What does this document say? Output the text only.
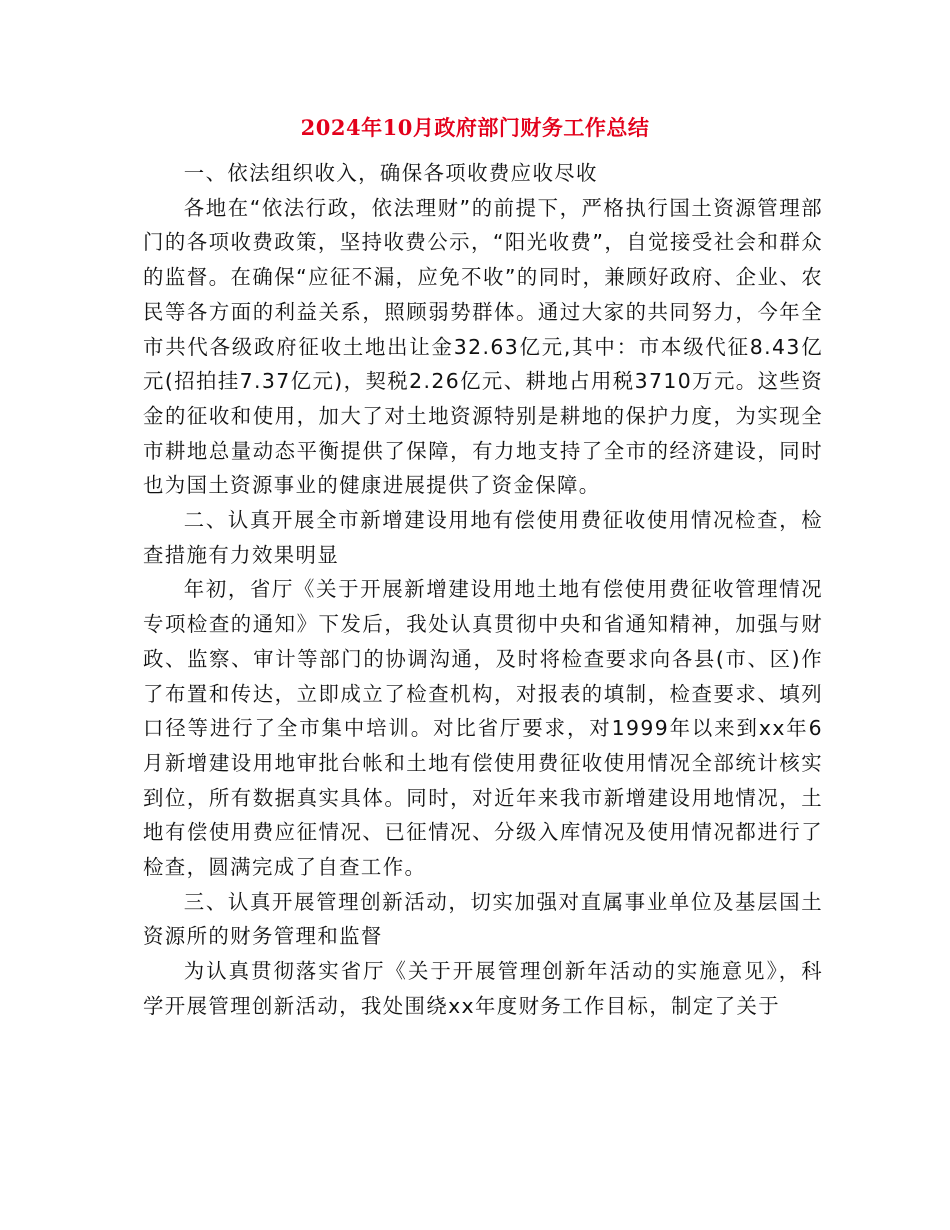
2024年10月政府部门财务工作总结

一、依法组织收入，确保各项收费应收尽收

各地在“依法行政，依法理财”的前提下，严格执行国土资源管理部门的各项收费政策，坚持收费公示，“阳光收费”，自觉接受社会和群众的监督。在确保“应征不漏，应免不收”的同时，兼顾好政府、企业、农民等各方面的利益关系，照顾弱势群体。通过大家的共同努力，今年全市共代各级政府征收土地出让金32.63亿元,其中：市本级代征8.43亿元(招拍挂7.37亿元)，契税2.26亿元、耕地占用税3710万元。这些资金的征收和使用，加大了对土地资源特别是耕地的保护力度，为实现全市耕地总量动态平衡提供了保障，有力地支持了全市的经济建设，同时也为国土资源事业的健康进展提供了资金保障。

二、认真开展全市新增建设用地有偿使用费征收使用情况检查，检查措施有力效果明显

年初，省厅《关于开展新增建设用地土地有偿使用费征收管理情况专项检查的通知》下发后，我处认真贯彻中央和省通知精神，加强与财政、监察、审计等部门的协调沟通，及时将检查要求向各县(市、区)作了布置和传达，立即成立了检查机构，对报表的填制，检查要求、填列口径等进行了全市集中培训。对比省厅要求，对1999年以来到xx年6月新增建设用地审批台帐和土地有偿使用费征收使用情况全部统计核实到位，所有数据真实具体。同时，对近年来我市新增建设用地情况，土地有偿使用费应征情况、已征情况、分级入库情况及使用情况都进行了检查，圆满完成了自查工作。

三、认真开展管理创新活动，切实加强对直属事业单位及基层国土资源所的财务管理和监督

为认真贯彻落实省厅《关于开展管理创新年活动的实施意见》，科学开展管理创新活动，我处围绕xx年度财务工作目标，制定了关于
